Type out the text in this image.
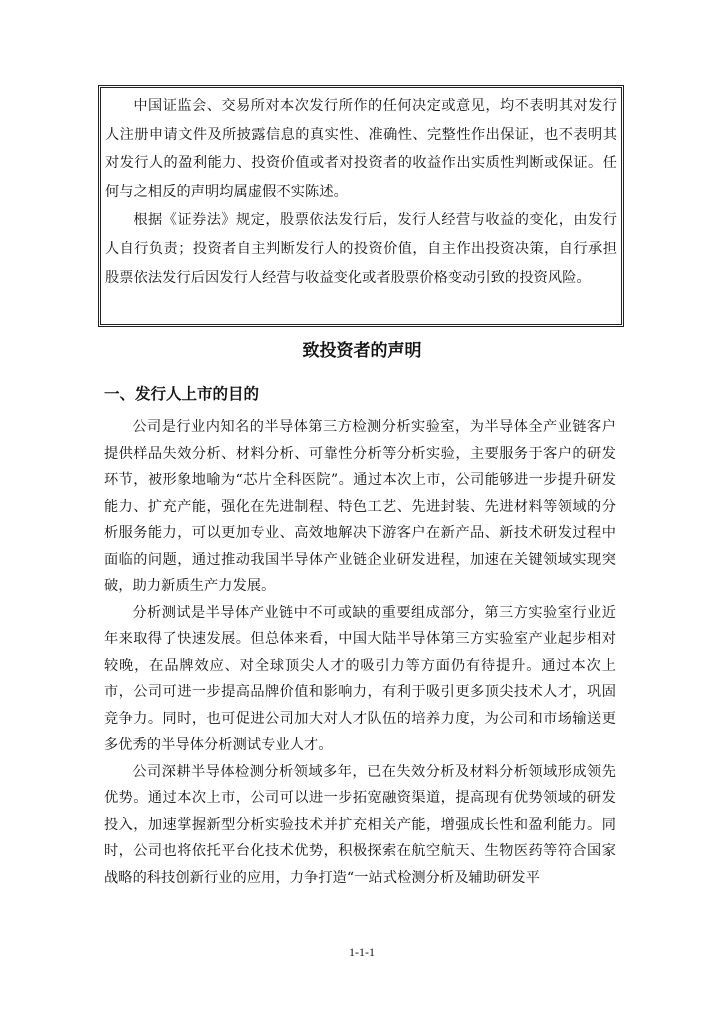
中国证监会、交易所对本次发行所作的任何决定或意见，均不表明其对发行人注册申请文件及所披露信息的真实性、准确性、完整性作出保证，也不表明其对发行人的盈利能力、投资价值或者对投资者的收益作出实质性判断或保证。任何与之相反的声明均属虚假不实陈述。

根据《证券法》规定，股票依法发行后，发行人经营与收益的变化，由发行人自行负责；投资者自主判断发行人的投资价值，自主作出投资决策，自行承担股票依法发行后因发行人经营与收益变化或者股票价格变动引致的投资风险。

致投资者的声明
一、发行人上市的目的

公司是行业内知名的半导体第三方检测分析实验室，为半导体全产业链客户提供样品失效分析、材料分析、可靠性分析等分析实验，主要服务于客户的研发环节，被形象地喻为“芯片全科医院”。通过本次上市，公司能够进一步提升研发能力、扩充产能，强化在先进制程、特色工艺、先进封装、先进材料等领域的分析服务能力，可以更加专业、高效地解决下游客户在新产品、新技术研发过程中面临的问题，通过推动我国半导体产业链企业研发进程，加速在关键领域实现突破，助力新质生产力发展。

分析测试是半导体产业链中不可或缺的重要组成部分，第三方实验室行业近年来取得了快速发展。但总体来看，中国大陆半导体第三方实验室产业起步相对较晚，在品牌效应、对全球顶尖人才的吸引力等方面仍有待提升。通过本次上市，公司可进一步提高品牌价值和影响力，有利于吸引更多顶尖技术人才，巩固竞争力。同时，也可促进公司加大对人才队伍的培养力度，为公司和市场输送更多优秀的半导体分析测试专业人才。

公司深耕半导体检测分析领域多年，已在失效分析及材料分析领域形成领先优势。通过本次上市，公司可以进一步拓宽融资渠道，提高现有优势领域的研发投入，加速掌握新型分析实验技术并扩充相关产能，增强成长性和盈利能力。同时，公司也将依托平台化技术优势，积极探索在航空航天、生物医药等符合国家战略的科技创新行业的应用，力争打造“一站式检测分析及辅助研发平

1-1-1
